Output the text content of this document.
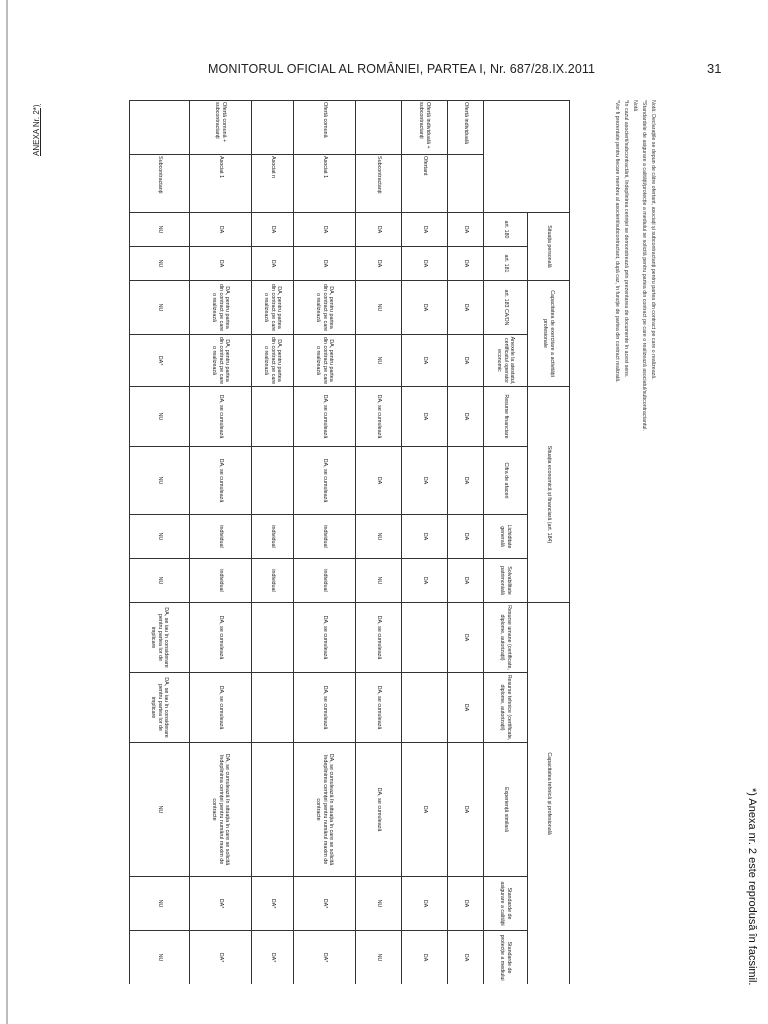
MONITORUL OFICIAL AL ROMÂNIEI, PARTEA I, Nr. 687/28.IX.2011	31
ANEXA Nr. 2*)
		Situația personală		Capacitatea de exercitare a activității profesionale		Situația economică și financiară (art. 184)				Capacitatea tehnică și profesională				
		art. 180	art. 181	art. 183 CA/DN	Anexele la atestatul, certificatul operator economic	Resurse financiare	Cifra de afaceri	Lichiditate generală	Solvabilitate patrimonială	Resurse umane (certificate, diplome, autorizații)	Resurse tehnice (certificate, diplome, autorizații)	Experiență similară	Standarde de asigurare a calității	Standarde de protecție a mediului
Ofertă individuală		DA	DA	DA	DA	DA	DA	DA	DA	DA	DA	DA	DA	DA
Ofertă individuală + subcontractanți	Ofertant	DA	DA	DA	DA	DA	DA	DA	DA			DA	DA	DA
	Subcontractanți	DA	DA	NU	NU	DA, se cumulează	DA	NU	NU	DA, se cumulează	DA, se cumulează	DA, se cumulează	NU	NU
Ofertă comună	Asociat 1	DA	DA	DA, pentru partea din contract pe care o realizează	DA, pentru partea din contract pe care o realizează	DA, se cumulează	DA, se cumulează	individual	individual	DA, se cumulează	DA, se cumulează	DA, se cumulează în situația în care se solicită îndeplinirea cerinței pentru numărul maxim de contracte	DA*	DA*
	Asociat n	DA	DA	DA, pentru partea din contract pe care o realizează	DA, pentru partea din contract pe care o realizează			individual	individual				DA*	DA*
Ofertă comună + subcontractanți	Asociat 1	DA	DA	DA, pentru partea din contract pe care o realizează	DA, pentru partea din contract pe care o realizează	DA, se cumulează	DA, se cumulează	individual	individual	DA, se cumulează	DA, se cumulează	DA, se cumulează în situația în care se solicită îndeplinirea cerinței pentru numărul maxim de contracte	DA*	DA*
	Subcontractanți	NU	NU	NU	DA*	NU	NU	NU	NU	DA, se iau în considerare pentru partea lor de implicare	DA, se iau în considerare pentru partea lor de implicare	NU	NU	NU
Notă: Declarațiile se depun de către ofertant, asociați și subcontractanți pentru partea din contract pe care o realizează.
*Standardele de asigurare a calității/protecție a mediului se solicită pentru partea din contract pe care o realizează asociatul/subcontractantul.
Notă
*În cazul asocierii/subcontractării, îndeplinirea cerinței se demonstrează prin prezentarea de documente în acest sens.
*Vor fi prezentate pentru fiecare membru al asocierii/subcontractant, după caz, în funcție de partea din contract realizată.
*) Anexa nr. 2 este reprodusă în facsimil.
